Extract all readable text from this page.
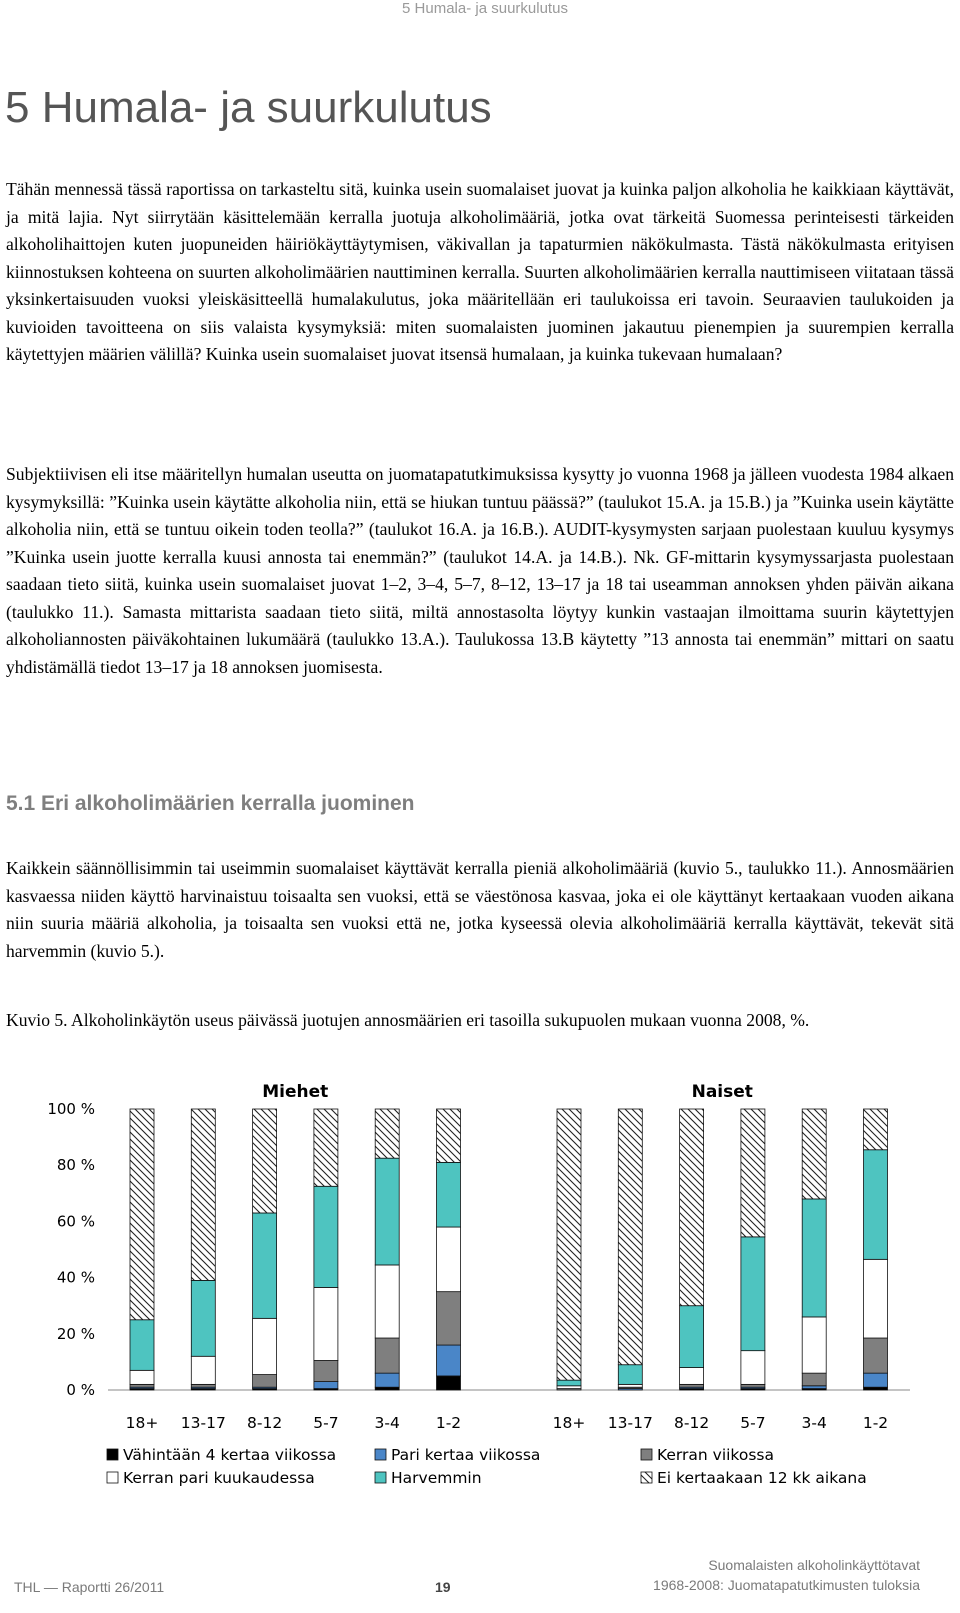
5 Humala- ja suurkulutus
5 Humala- ja suurkulutus

Tähän mennessä tässä raportissa on tarkasteltu sitä, kuinka usein suomalaiset juovat ja kuinka paljon alkoholia he kaikkiaan käyttävät, ja mitä lajia. Nyt siirrytään käsittelemään kerralla juotuja alkoholimääriä, jotka ovat tärkeitä Suomessa perinteisesti tärkeiden alkoholihaittojen kuten juopuneiden häiriökäyttäytymisen, väkivallan ja tapaturmien näkökulmasta. Tästä näkökulmasta erityisen kiinnostuksen kohteena on suurten alkoholimäärien nauttiminen kerralla. Suurten alkoholimäärien kerralla nauttimiseen viitataan tässä yksinkertaisuuden vuoksi yleiskäsitteellä humalakulutus, joka määritellään eri taulukoissa eri tavoin. Seuraavien taulukoiden ja kuvioiden tavoitteena on siis valaista kysymyksiä: miten suomalaisten juominen jakautuu pienempien ja suurempien kerralla käytettyjen määrien välillä? Kuinka usein suomalaiset juovat itsensä humalaan, ja kuinka tukevaan humalaan?

Subjektiivisen eli itse määritellyn humalan useutta on juomatapatutkimuksissa kysytty jo vuonna 1968 ja jälleen vuodesta 1984 alkaen kysymyksillä: ”Kuinka usein käytätte alkoholia niin, että se hiukan tuntuu päässä?” (taulukot 15.A. ja 15.B.) ja ”Kuinka usein käytätte alkoholia niin, että se tuntuu oikein toden teolla?” (taulukot 16.A. ja 16.B.). AUDIT-kysymysten sarjaan puolestaan kuuluu kysymys ”Kuinka usein juotte kerralla kuusi annosta tai enemmän?” (taulukot 14.A. ja 14.B.). Nk. GF-mittarin kysymyssarjasta puolestaan saadaan tieto siitä, kuinka usein suomalaiset juovat 1–2, 3–4, 5–7, 8–12, 13–17 ja 18 tai useamman annoksen yhden päivän aikana (taulukko 11.). Samasta mittarista saadaan tieto siitä, miltä annostasolta löytyy kunkin vastaajan ilmoittama suurin käytettyjen alkoholiannosten päiväkohtainen lukumäärä (taulukko 13.A.). Taulukossa 13.B käytetty ”13 annosta tai enemmän” mittari on saatu yhdistämällä tiedot 13–17 ja 18 annoksen juomisesta.

5.1 Eri alkoholimäärien kerralla juominen

Kaikkein säännöllisimmin tai useimmin suomalaiset käyttävät kerralla pieniä alkoholimääriä (kuvio 5., taulukko 11.). Annosmäärien kasvaessa niiden käyttö harvinaistuu toisaalta sen vuoksi, että se väestönosa kasvaa, joka ei ole käyttänyt kertaakaan vuoden aikana niin suuria määriä alkoholia, ja toisaalta sen vuoksi että ne, jotka kyseessä olevia alkoholimääriä kerralla käyttävät, tekevät sitä harvemmin (kuvio 5.).

Kuvio 5. Alkoholinkäytön useus päivässä juotujen annosmäärien eri tasoilla sukupuolen mukaan vuonna 2008, %.

0 %
20 %
40 %
60 %
80 %
100 %
Miehet
18+ 13-17 8-12 5-7 3-4 1-2
Naiset
18+ 13-17 8-12 5-7 3-4 1-2
Vähintään 4 kertaa viikossa	Pari kertaa viikossa	Kerran viikossa
Kerran pari kuukaudessa	Harvemmin	Ei kertaakaan 12 kk aikana
THL — Raportti 26/2011	19
Suomalaisten alkoholinkäyttötavat
1968-2008: Juomatapatutkimusten tuloksia
